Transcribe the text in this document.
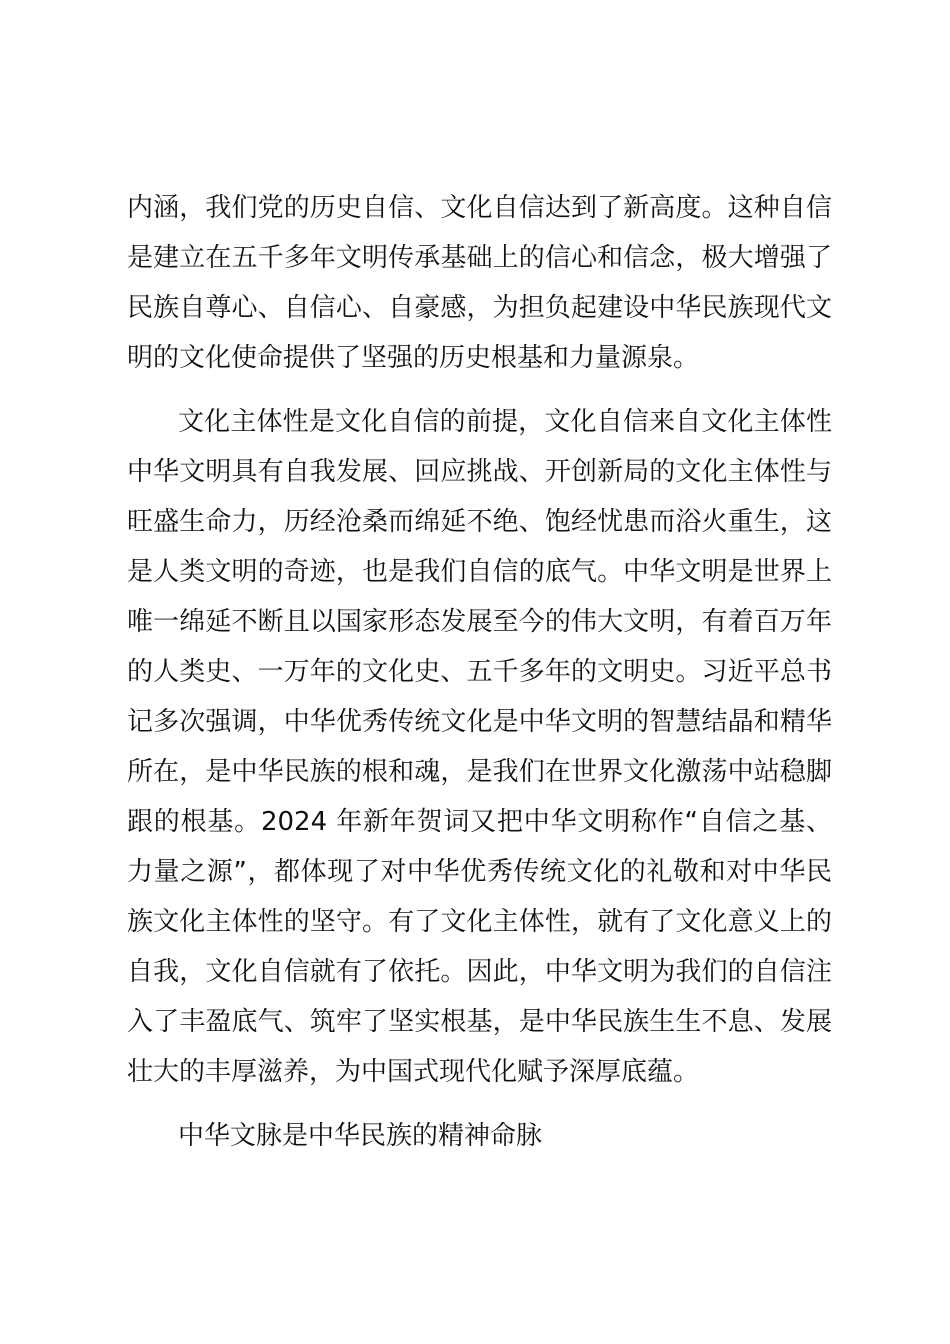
内涵，我们党的历史自信、文化自信达到了新高度。这种自信
是建立在五千多年文明传承基础上的信心和信念，极大增强了
民族自尊心、自信心、自豪感，为担负起建设中华民族现代文
明的文化使命提供了坚强的历史根基和力量源泉。
文化主体性是文化自信的前提，文化自信来自文化主体性
中华文明具有自我发展、回应挑战、开创新局的文化主体性与
旺盛生命力，历经沧桑而绵延不绝、饱经忧患而浴火重生，这
是人类文明的奇迹，也是我们自信的底气。中华文明是世界上
唯一绵延不断且以国家形态发展至今的伟大文明，有着百万年
的人类史、一万年的文化史、五千多年的文明史。习近平总书
记多次强调，中华优秀传统文化是中华文明的智慧结晶和精华
所在，是中华民族的根和魂，是我们在世界文化激荡中站稳脚
跟的根基。2024 年新年贺词又把中华文明称作“自信之基、
力量之源”，都体现了对中华优秀传统文化的礼敬和对中华民
族文化主体性的坚守。有了文化主体性，就有了文化意义上的
自我，文化自信就有了依托。因此，中华文明为我们的自信注
入了丰盈底气、筑牢了坚实根基，是中华民族生生不息、发展
壮大的丰厚滋养，为中国式现代化赋予深厚底蕴。
中华文脉是中华民族的精神命脉
